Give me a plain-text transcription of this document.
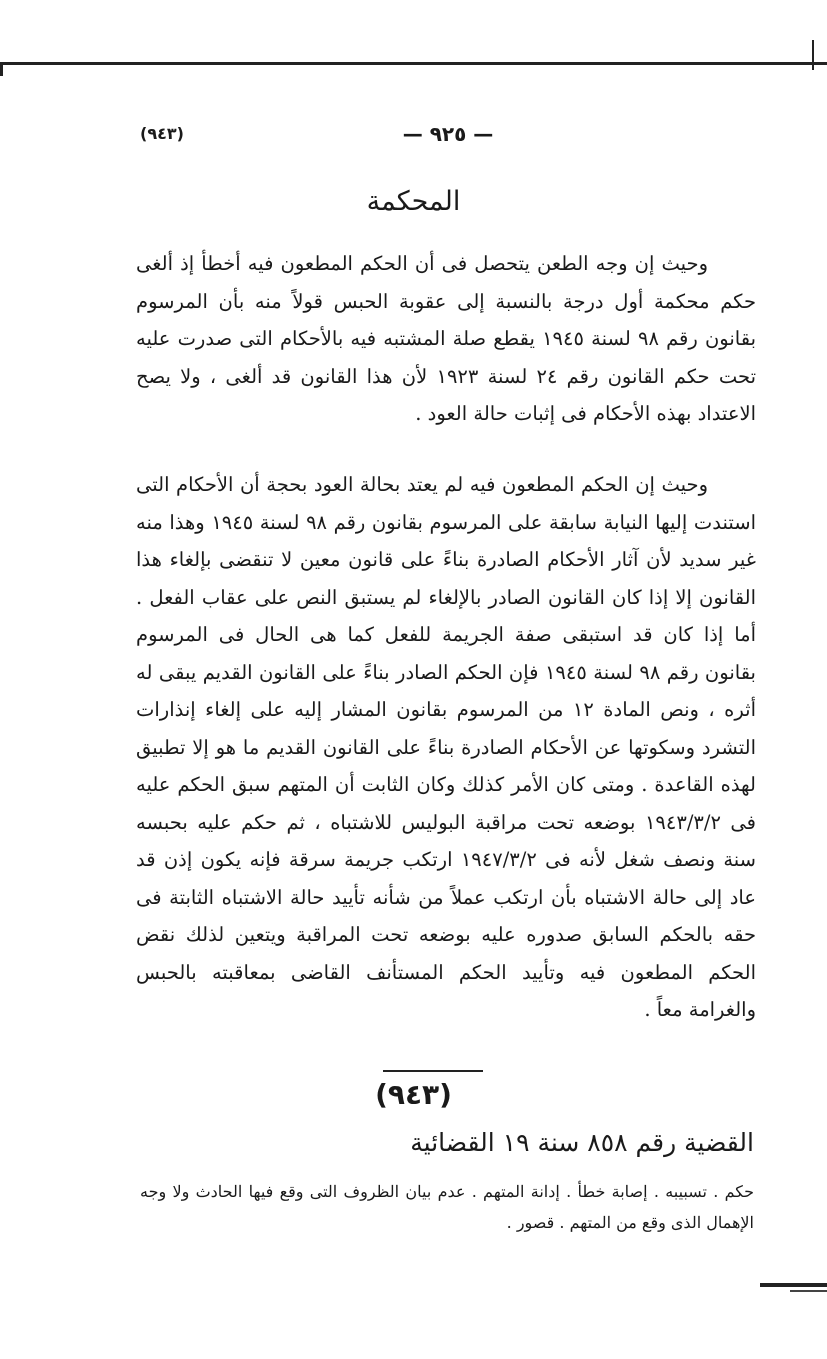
(٩٤٣)	— ٩٢٥ —
المحكمة

وحيث إن وجه الطعن يتحصل فى أن الحكم المطعون فيه أخطأ إذ ألغى حكم محكمة أول درجة بالنسبة إلى عقوبة الحبس قولاً منه بأن المرسوم بقانون رقم ٩٨ لسنة ١٩٤٥ يقطع صلة المشتبه فيه بالأحكام التى صدرت عليه تحت حكم القانون رقم ٢٤ لسنة ١٩٢٣ لأن هذا القانون قد ألغى ، ولا يصح الاعتداد بهذه الأحكام فى إثبات حالة العود .

وحيث إن الحكم المطعون فيه لم يعتد بحالة العود بحجة أن الأحكام التى استندت إليها النيابة سابقة على المرسوم بقانون رقم ٩٨ لسنة ١٩٤٥ وهذا منه غير سديد لأن آثار الأحكام الصادرة بناءً على قانون معين لا تنقضى بإلغاء هذا القانون إلا إذا كان القانون الصادر بالإلغاء لم يستبق النص على عقاب الفعل . أما إذا كان قد استبقى صفة الجريمة للفعل كما هى الحال فى المرسوم بقانون رقم ٩٨ لسنة ١٩٤٥ فإن الحكم الصادر بناءً على القانون القديم يبقى له أثره ، ونص المادة ١٢ من المرسوم بقانون المشار إليه على إلغاء إنذارات التشرد وسكوتها عن الأحكام الصادرة بناءً على القانون القديم ما هو إلا تطبيق لهذه القاعدة . ومتى كان الأمر كذلك وكان الثابت أن المتهم سبق الحكم عليه فى ١٩٤٣/٣/٢ بوضعه تحت مراقبة البوليس للاشتباه ، ثم حكم عليه بحبسه سنة ونصف شغل لأنه فى ١٩٤٧/٣/٢ ارتكب جريمة سرقة فإنه يكون إذن قد عاد إلى حالة الاشتباه بأن ارتكب عملاً من شأنه تأييد حالة الاشتباه الثابتة فى حقه بالحكم السابق صدوره عليه بوضعه تحت المراقبة ويتعين لذلك نقض الحكم المطعون فيه وتأييد الحكم المستأنف القاضى بمعاقبته بالحبس والغرامة معاً .

(٩٤٣)
القضية رقم ٨٥٨ سنة ١٩ القضائية
حكم . تسبيبه . إصابة خطأ . إدانة المتهم . عدم بيان الظروف التى وقع فيها الحادث ولا وجه الإهمال الذى وقع من المتهم . قصور .
